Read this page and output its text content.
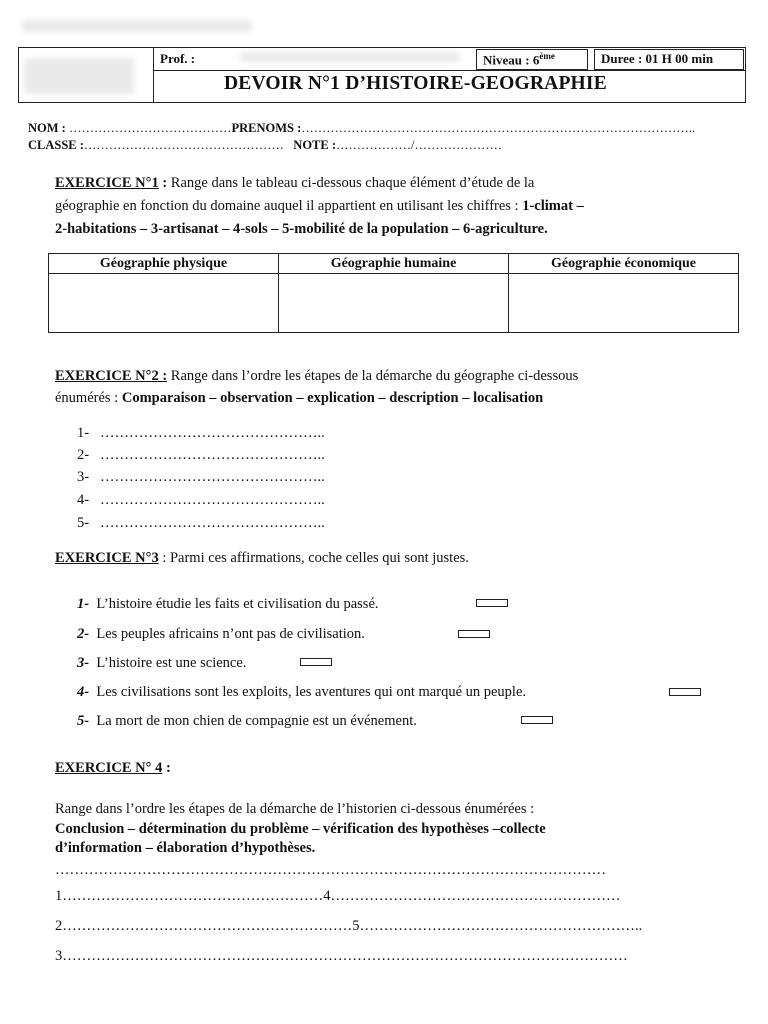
Prof. :	Niveau : 6ème	Duree : 01 H 00 min
DEVOIR N°1 D’HISTOIRE-GEOGRAPHIE
NOM : …………………………………PRENOMS :…………………………………………………………………………………..
CLASSE :………………………………………… NOTE :………………/…………………
EXERCICE N°1 : Range dans le tableau ci-dessous chaque élément d’étude de la
géographie en fonction du domaine auquel il appartient en utilisant les chiffres : 1-climat –
2-habitations – 3-artisanat – 4-sols – 5-mobilité de la population – 6-agriculture.
Géographie physique	Géographie humaine	Géographie économique

EXERCICE N°2 : Range dans l’ordre les étapes de la démarche du géographe ci-dessous
énumérés : Comparaison – observation – explication – description – localisation
1- ………………………………………..
2- ………………………………………..
3- ………………………………………..
4- ………………………………………..
5- ………………………………………..
EXERCICE N°3 : Parmi ces affirmations, coche celles qui sont justes.
1- L’histoire étudie les faits et civilisation du passé.
2- Les peuples africains n’ont pas de civilisation.
3- L’histoire est une science.
4- Les civilisations sont les exploits, les aventures qui ont marqué un peuple.
5- La mort de mon chien de compagnie est un événement.
EXERCICE N° 4 :
Range dans l’ordre les étapes de la démarche de l’historien ci-dessous énumérées :
Conclusion – détermination du problème – vérification des hypothèses –collecte
d’information – élaboration d’hypothèses.
……………………………………………………………………………………………………
1………………………………………………4……………………………………………………
2……………………………………………………5…………………………………………………..
3………………………………………………………………………………………………………
